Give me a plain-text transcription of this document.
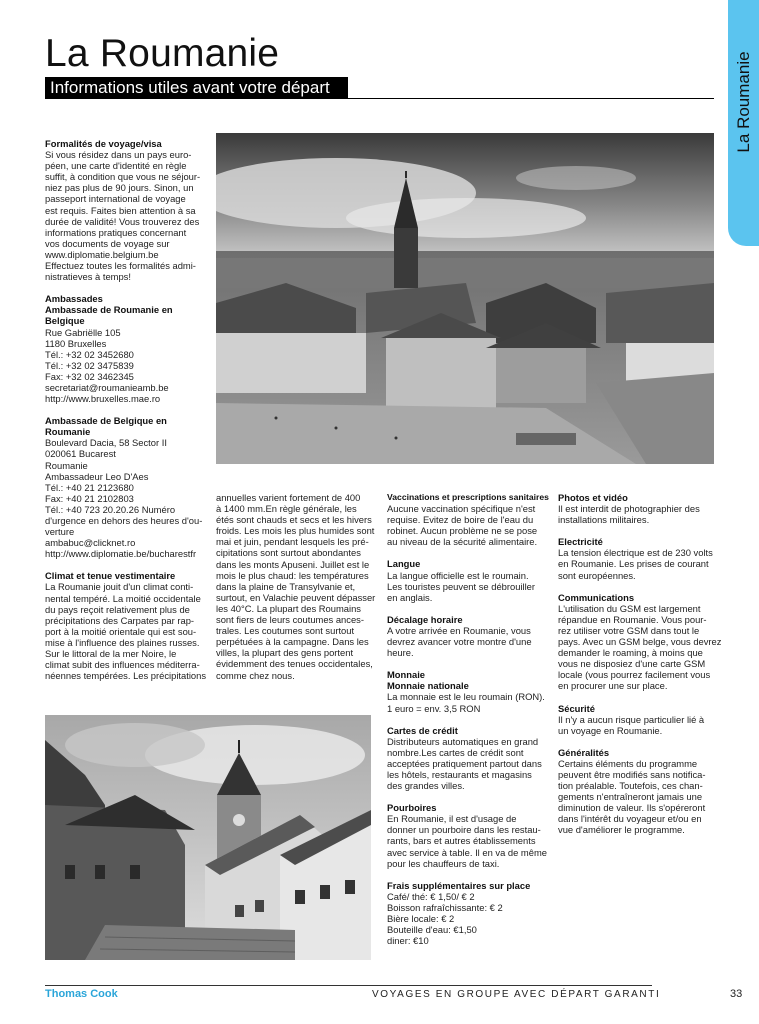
La Roumanie
Informations utiles avant votre départ	La Roumanie

Formalités de voyage/visa

Si vous résidez dans un pays euro-

péen, une carte d'identité en règle

suffit, à condition que vous ne séjour-

niez pas plus de 90 jours. Sinon, un

passeport international de voyage

est requis. Faites bien attention à sa

durée de validité! Vous trouverez des

informations pratiques concernant

vos documents de voyage sur

www.diplomatie.belgium.be

Effectuez toutes les formalités admi-

nistratieves à temps!

Ambassades

Ambassade de Roumanie en

Belgique

Rue Gabriëlle 105

1180 Bruxelles

Tél.: +32 02 3452680

Tél.: +32 02 3475839

Fax: +32 02 3462345

secretariat@roumanieamb.be

http://www.bruxelles.mae.ro

Ambassade de Belgique en

Roumanie

Boulevard Dacia, 58 Sector II

020061 Bucarest

Roumanie

Ambassadeur Leo D'Aes

Tél.: +40 21 2123680

Fax: +40 21 2102803

Tél.: +40 723 20.20.26 Numéro

d'urgence en dehors des heures d'ou-

verture

ambabuc@clicknet.ro

http://www.diplomatie.be/bucharestfr

Climat et tenue vestimentaire

La Roumanie jouit d'un climat conti-

nental tempéré. La moitié occidentale

du pays reçoit relativement plus de

précipitations des Carpates par rap-

port à la moitié orientale qui est sou-

mise à l'influence des plaines russes.

Sur le littoral de la mer Noire, le

climat subit des influences méditerra-

néennes tempérées. Les précipitations

annuelles varient fortement de 400

à 1400 mm.En règle générale, les

étés sont chauds et secs et les hivers

froids. Les mois les plus humides sont

mai et juin, pendant lesquels les pré-

cipitations sont surtout abondantes

dans les monts Apuseni. Juillet est le

mois le plus chaud: les températures

dans la plaine de Transylvanie et,

surtout, en Valachie peuvent dépasser

les 40°C. La plupart des Roumains

sont fiers de leurs coutumes ances-

trales. Les coutumes sont surtout

perpétuées à la campagne. Dans les

villes, la plupart des gens portent

évidemment des tenues occidentales,

comme chez nous.

Vaccinations et prescriptions sanitaires

Aucune vaccination spécifique n'est

requise. Evitez de boire de l'eau du

robinet. Aucun problème ne se pose

au niveau de la sécurité alimentaire.

Langue

La langue officielle est le roumain.

Les touristes peuvent se débrouiller

en anglais.

Décalage horaire

A votre arrivée en Roumanie, vous

devrez avancer votre montre d'une

heure.

Monnaie

Monnaie nationale

La monnaie est le leu roumain (RON).

1 euro = env. 3,5 RON

Cartes de crédit

Distributeurs automatiques en grand

nombre.Les cartes de crédit sont

acceptées pratiquement partout dans

les hôtels, restaurants et magasins

des grandes villes.

Pourboires

En Roumanie, il est d'usage de

donner un pourboire dans les restau-

rants, bars et autres établissements

avec service à table. Il en va de même

pour les chauffeurs de taxi.

Frais supplémentaires sur place

Café/ thé: € 1,50/ € 2

Boisson rafraîchissante: € 2

Bière locale: € 2

Bouteille d'eau: €1,50

diner: €10

Photos et vidéo

Il est interdit de photographier des

installations militaires.

Electricité

La tension électrique est de 230 volts

en Roumanie. Les prises de courant

sont européennes.

Communications

L'utilisation du GSM est largement

répandue en Roumanie. Vous pour-

rez utiliser votre GSM dans tout le

pays. Avec un GSM belge, vous devrez

demander le roaming, à moins que

vous ne disposiez d'une carte GSM

locale (vous pourrez facilement vous

en procurer une sur place.

Sécurité

Il n'y a aucun risque particulier lié à

un voyage en Roumanie.

Généralités

Certains éléments du programme

peuvent être modifiés sans notifica-

tion préalable. Toutefois, ces chan-

gements n'entraîneront jamais une

diminution de valeur. Ils s'opéreront

dans l'intérêt du voyageur et/ou en

vue d'améliorer le programme.

Thomas Cook	VOYAGES EN GROUPE AVEC DÉPART GARANTI	33
